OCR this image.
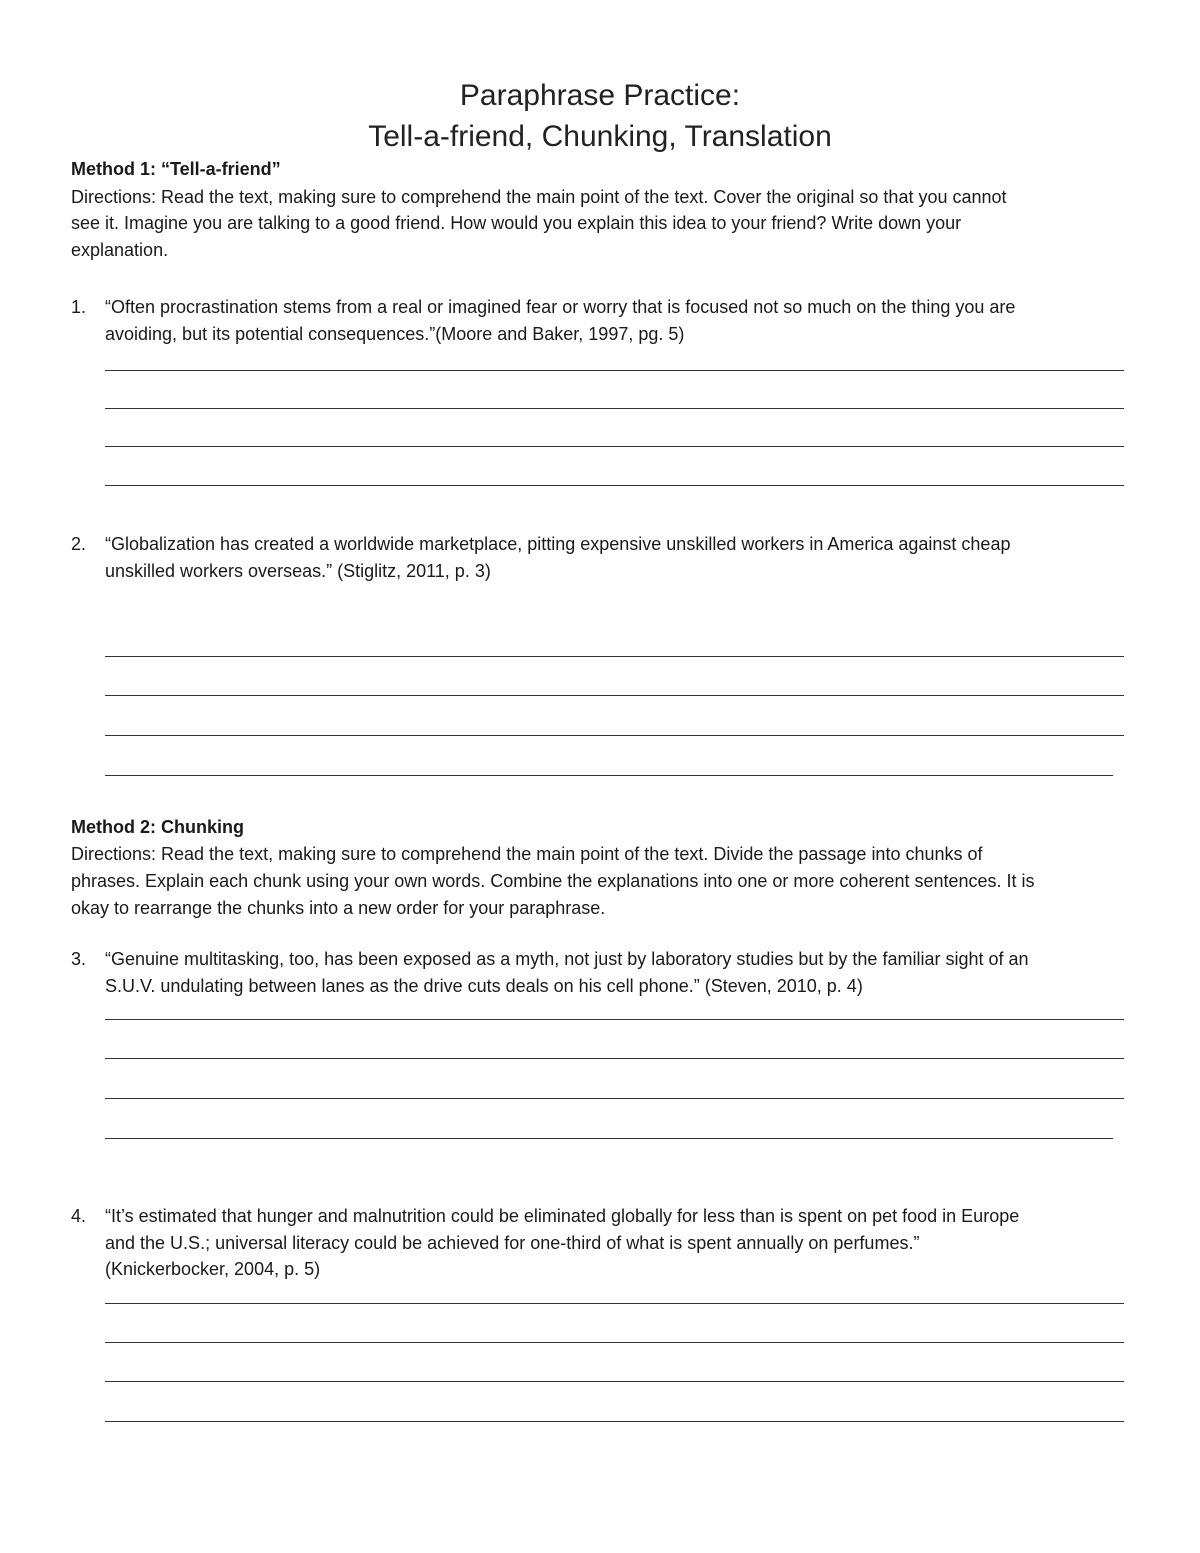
Paraphrase Practice:
Tell-a-friend, Chunking, Translation
Method 1: “Tell-a-friend”
Directions: Read the text, making sure to comprehend the main point of the text. Cover the original so that you cannot
see it. Imagine you are talking to a good friend. How would you explain this idea to your friend? Write down your
explanation.
1. “Often procrastination stems from a real or imagined fear or worry that is focused not so much on the thing you are
avoiding, but its potential consequences.”(Moore and Baker, 1997, pg. 5)
2. “Globalization has created a worldwide marketplace, pitting expensive unskilled workers in America against cheap
unskilled workers overseas.” (Stiglitz, 2011, p. 3)
Method 2: Chunking
Directions: Read the text, making sure to comprehend the main point of the text. Divide the passage into chunks of
phrases. Explain each chunk using your own words. Combine the explanations into one or more coherent sentences. It is
okay to rearrange the chunks into a new order for your paraphrase.
3. “Genuine multitasking, too, has been exposed as a myth, not just by laboratory studies but by the familiar sight of an
S.U.V. undulating between lanes as the drive cuts deals on his cell phone.” (Steven, 2010, p. 4)
4. “It’s estimated that hunger and malnutrition could be eliminated globally for less than is spent on pet food in Europe
and the U.S.; universal literacy could be achieved for one-third of what is spent annually on perfumes.”
(Knickerbocker, 2004, p. 5)
